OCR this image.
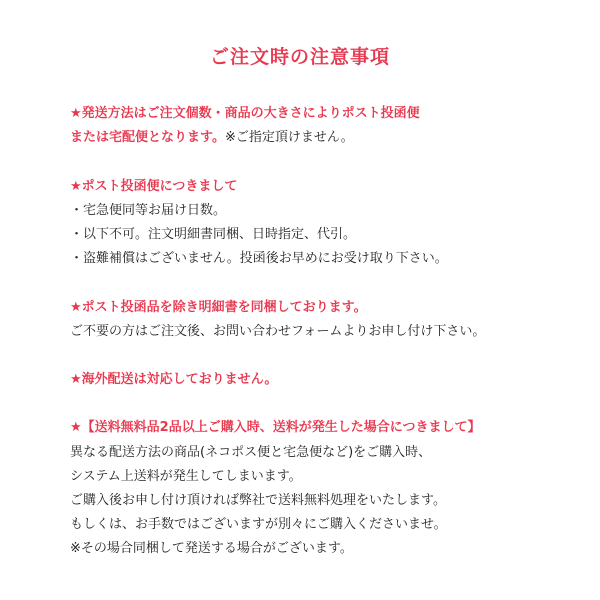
ご注文時の注意事項
★発送方法はご注文個数・商品の大きさによりポスト投函便
または宅配便となります。※ご指定頂けません。
★ポスト投函便につきまして
・宅急便同等お届け日数。
・以下不可。注文明細書同梱、日時指定、代引。
・盗難補償はございません。投函後お早めにお受け取り下さい。
★ポスト投函品を除き明細書を同梱しております。
ご不要の方はご注文後、お問い合わせフォームよりお申し付け下さい。
★海外配送は対応しておりません。
★【送料無料品2品以上ご購入時、送料が発生した場合につきまして】
異なる配送方法の商品(ネコポス便と宅急便など)をご購入時、
システム上送料が発生してしまいます。
ご購入後お申し付け頂ければ弊社で送料無料処理をいたします。
もしくは、お手数ではございますが別々にご購入くださいませ。
※その場合同梱して発送する場合がございます。
